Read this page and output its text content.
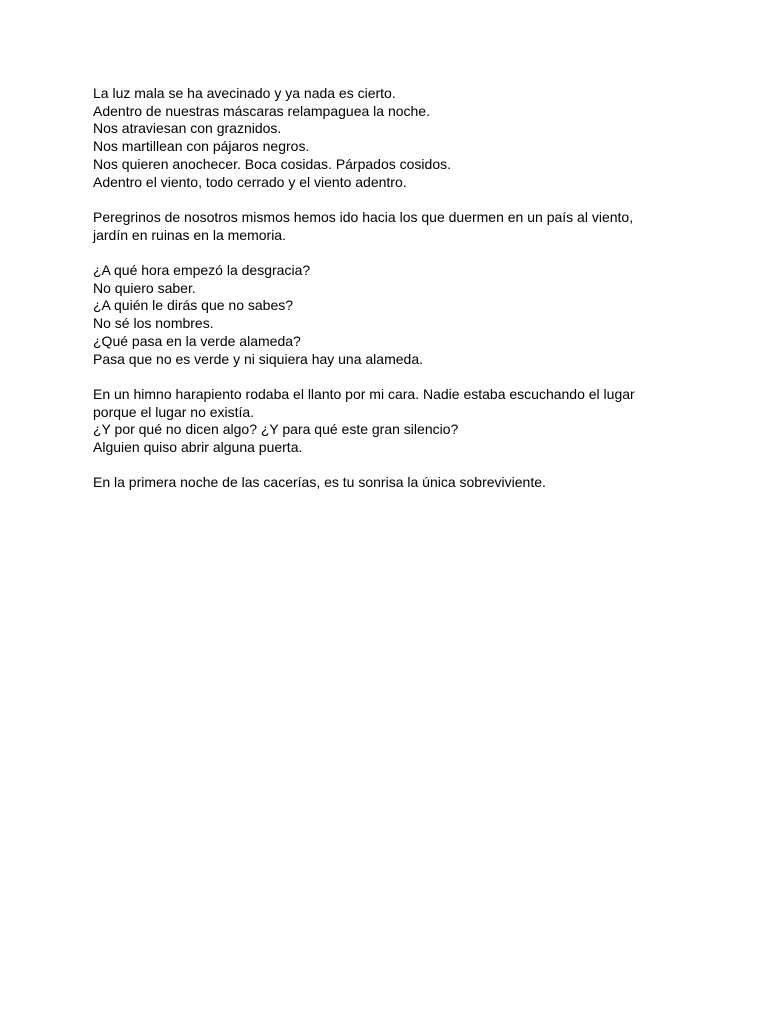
La luz mala se ha avecinado y ya nada es cierto.
Adentro de nuestras máscaras relampaguea la noche.
Nos atraviesan con graznidos.
Nos martillean con pájaros negros.
Nos quieren anochecer. Boca cosidas. Párpados cosidos.
Adentro el viento, todo cerrado y el viento adentro.
Peregrinos de nosotros mismos hemos ido hacia los que duermen en un país al viento,
jardín en ruinas en la memoria.
¿A qué hora empezó la desgracia?
No quiero saber.
¿A quién le dirás que no sabes?
No sé los nombres.
¿Qué pasa en la verde alameda?
Pasa que no es verde y ni siquiera hay una alameda.
En un himno harapiento rodaba el llanto por mi cara. Nadie estaba escuchando el lugar
porque el lugar no existía.
¿Y por qué no dicen algo? ¿Y para qué este gran silencio?
Alguien quiso abrir alguna puerta.
En la primera noche de las cacerías, es tu sonrisa la única sobreviviente.
